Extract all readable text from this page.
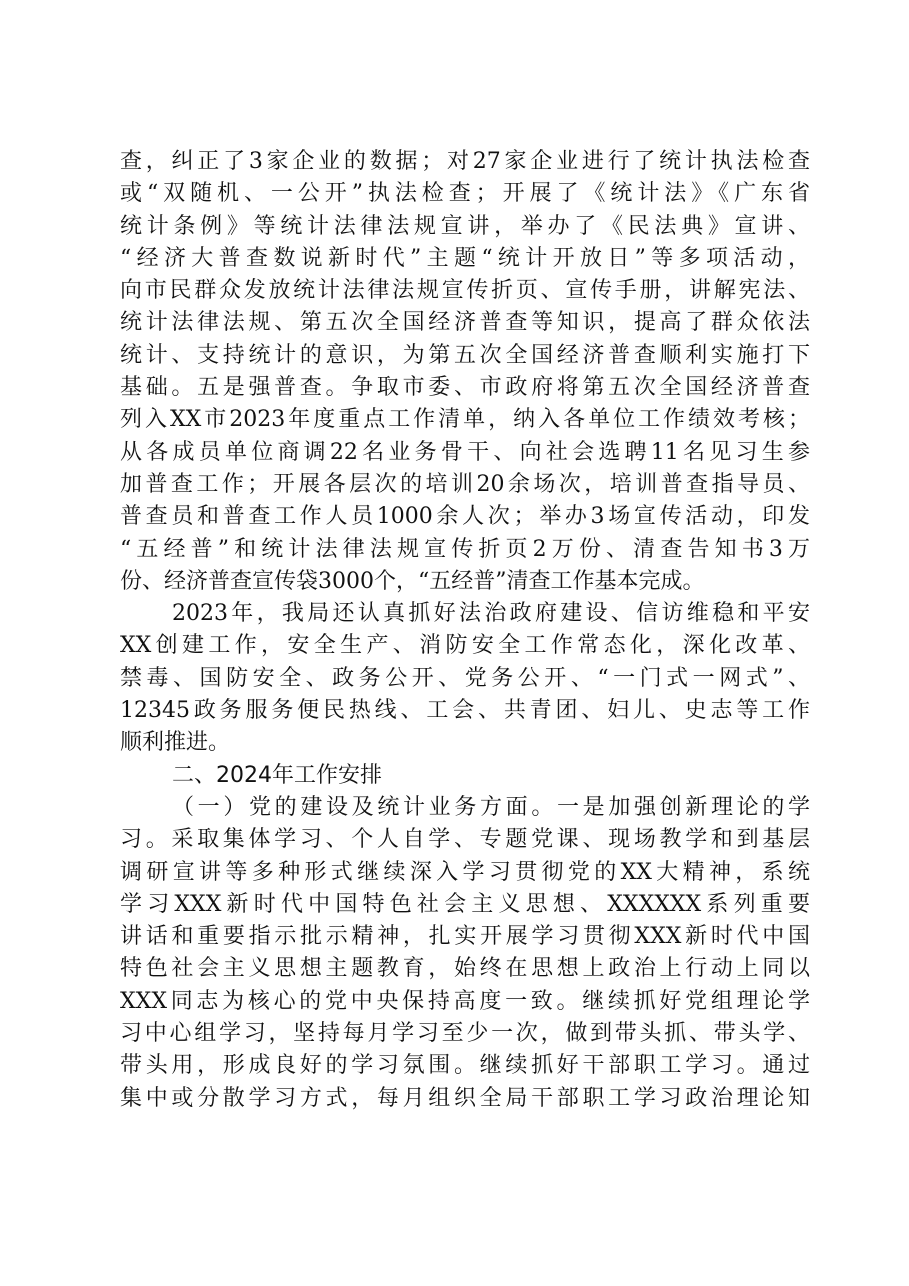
查，纠正了3家企业的数据；对27家企业进行了统计执法检查
或“双随机、一公开”执法检查；开展了《统计法》《广东省
统计条例》等统计法律法规宣讲，举办了《民法典》宣讲、
“经济大普查数说新时代”主题“统计开放日”等多项活动，
向市民群众发放统计法律法规宣传折页、宣传手册，讲解宪法、
统计法律法规、第五次全国经济普查等知识，提高了群众依法
统计、支持统计的意识，为第五次全国经济普查顺利实施打下
基础。五是强普查。争取市委、市政府将第五次全国经济普查
列入XX市2023年度重点工作清单，纳入各单位工作绩效考核；
从各成员单位商调22名业务骨干、向社会选聘11名见习生参
加普查工作；开展各层次的培训20余场次，培训普查指导员、
普查员和普查工作人员1000余人次；举办3场宣传活动，印发
“五经普”和统计法律法规宣传折页2万份、清查告知书3万
份、经济普查宣传袋3000个，“五经普”清查工作基本完成。
2023年，我局还认真抓好法治政府建设、信访维稳和平安
XX创建工作，安全生产、消防安全工作常态化，深化改革、
禁毒、国防安全、政务公开、党务公开、“一门式一网式”、
12345政务服务便民热线、工会、共青团、妇儿、史志等工作
顺利推进。
二、2024年工作安排
（一）党的建设及统计业务方面。一是加强创新理论的学
习。采取集体学习、个人自学、专题党课、现场教学和到基层
调研宣讲等多种形式继续深入学习贯彻党的XX大精神，系统
学习XXX新时代中国特色社会主义思想、XXXXXX系列重要
讲话和重要指示批示精神，扎实开展学习贯彻XXX新时代中国
特色社会主义思想主题教育，始终在思想上政治上行动上同以
XXX同志为核心的党中央保持高度一致。继续抓好党组理论学
习中心组学习，坚持每月学习至少一次，做到带头抓、带头学、
带头用，形成良好的学习氛围。继续抓好干部职工学习。通过
集中或分散学习方式，每月组织全局干部职工学习政治理论知
